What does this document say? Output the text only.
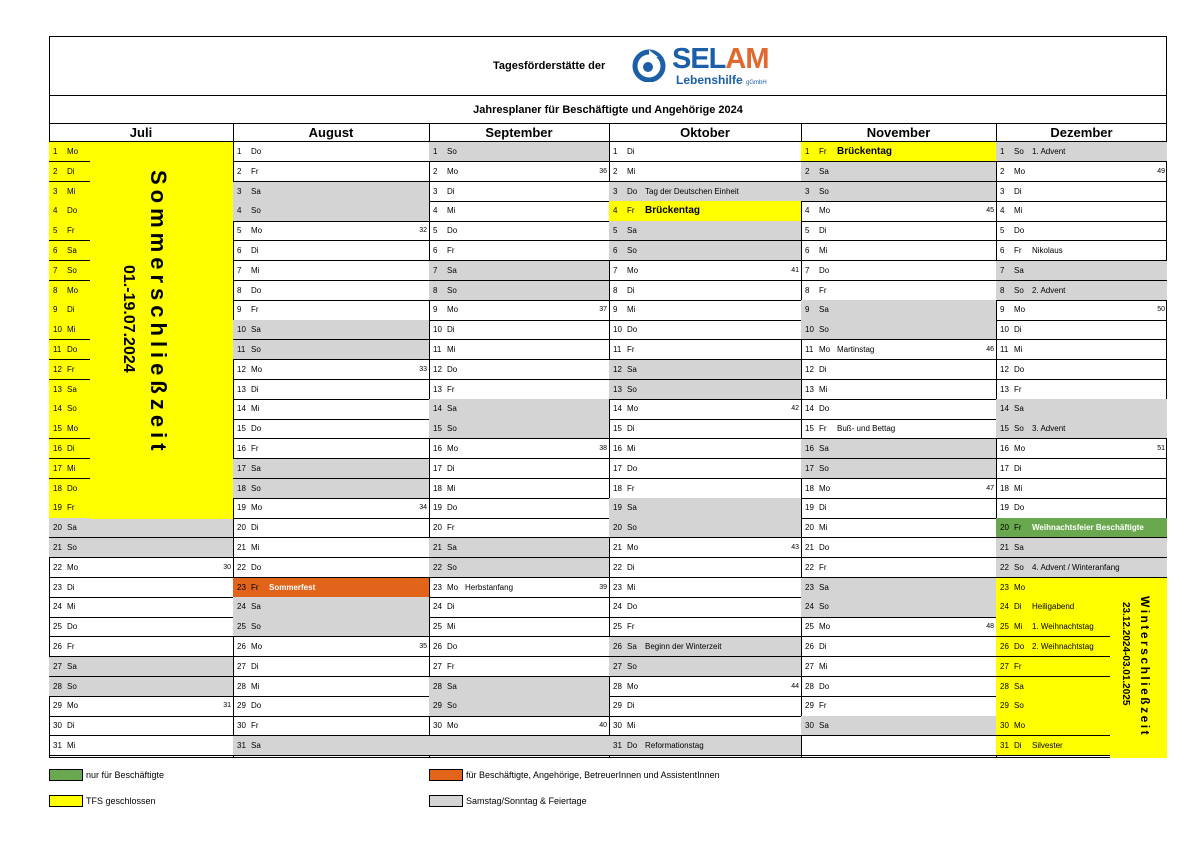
Tagesförderstätte der SELAM
Lebenshilfe gGmbH
Jahresplaner für Beschäftigte und Angehörige 2024
Juli
1 Mo
2 Di
3 Mi
4 Do
5 Fr
6 Sa
7 So
8 Mo
9 Di
10 Mi
11 Do
12 Fr
13 Sa
14 So
15 Mo
16 Di
17 Mi
18 Do
19 Fr
20 Sa
21 So
22 Mo	30
23 Di
24 Mi
25 Do
26 Fr
27 Sa
28 So
29 Mo	31
30 Di
31 Mi
August
1 Do
2 Fr
3 Sa
4 So
5 Mo	32
6 Di
7 Mi
8 Do
9 Fr
10 Sa
11 So
12 Mo	33
13 Di
14 Mi
15 Do
16 Fr
17 Sa
18 So
19 Mo	34
20 Di
21 Mi
22 Do
23 Fr Sommerfest
24 Sa
25 So
26 Mo	35
27 Di
28 Mi
29 Do
30 Fr
31 Sa
September
1 So
2 Mo	36
3 Di
4 Mi
5 Do
6 Fr
7 Sa
8 So
9 Mo	37
10 Di
11 Mi
12 Do
13 Fr
14 Sa
15 So
16 Mo	38
17 Di
18 Mi
19 Do
20 Fr
21 Sa
22 So
23 Mo Herbstanfang	39
24 Di
25 Mi
26 Do
27 Fr
28 Sa
29 So
30 Mo	40
Oktober
1 Di
2 Mi
3 Do Tag der Deutschen Einheit
4 Fr Brückentag
5 Sa
6 So
7 Mo	41
8 Di
9 Mi
10 Do
11 Fr
12 Sa
13 So
14 Mo	42
15 Di
16 Mi
17 Do
18 Fr
19 Sa
20 So
21 Mo	43
22 Di
23 Mi
24 Do
25 Fr
26 Sa Beginn der Winterzeit
27 So
28 Mo	44
29 Di
30 Mi
31 Do Reformationstag
November
1 Fr Brückentag
2 Sa
3 So
4 Mo	45
5 Di
6 Mi
7 Do
8 Fr
9 Sa
10 So
11 Mo Martinstag	46
12 Di
13 Mi
14 Do
15 Fr Buß- und Bettag
16 Sa
17 So
18 Mo	47
19 Di
20 Mi
21 Do
22 Fr
23 Sa
24 So
25 Mo	48
26 Di
27 Mi
28 Do
29 Fr
30 Sa
Dezember
1 So 1. Advent
2 Mo	49
3 Di
4 Mi
5 Do
6 Fr Nikolaus
7 Sa
8 So 2. Advent
9 Mo	50
10 Di
11 Mi
12 Do
13 Fr
14 Sa
15 So 3. Advent
16 Mo	51
17 Di
18 Mi
19 Do
20 Fr Weihnachtsfeier Beschäftigte
21 Sa
22 So 4. Advent / Winteranfang
23 Mo
24 Di Heiligabend
25 Mi 1. Weihnachtstag
26 Do 2. Weihnachtstag
27 Fr
28 Sa
29 So
30 Mo
31 Di Silvester
Sommerschließzeit
01.-19.07.2024
Winterschließzeit
23.12.2024-03.01.2025
nur für Beschäftigte	für Beschäftigte, Angehörige, BetreuerInnen und AssistentInnen
TFS geschlossen	Samstag/Sonntag & Feiertage
